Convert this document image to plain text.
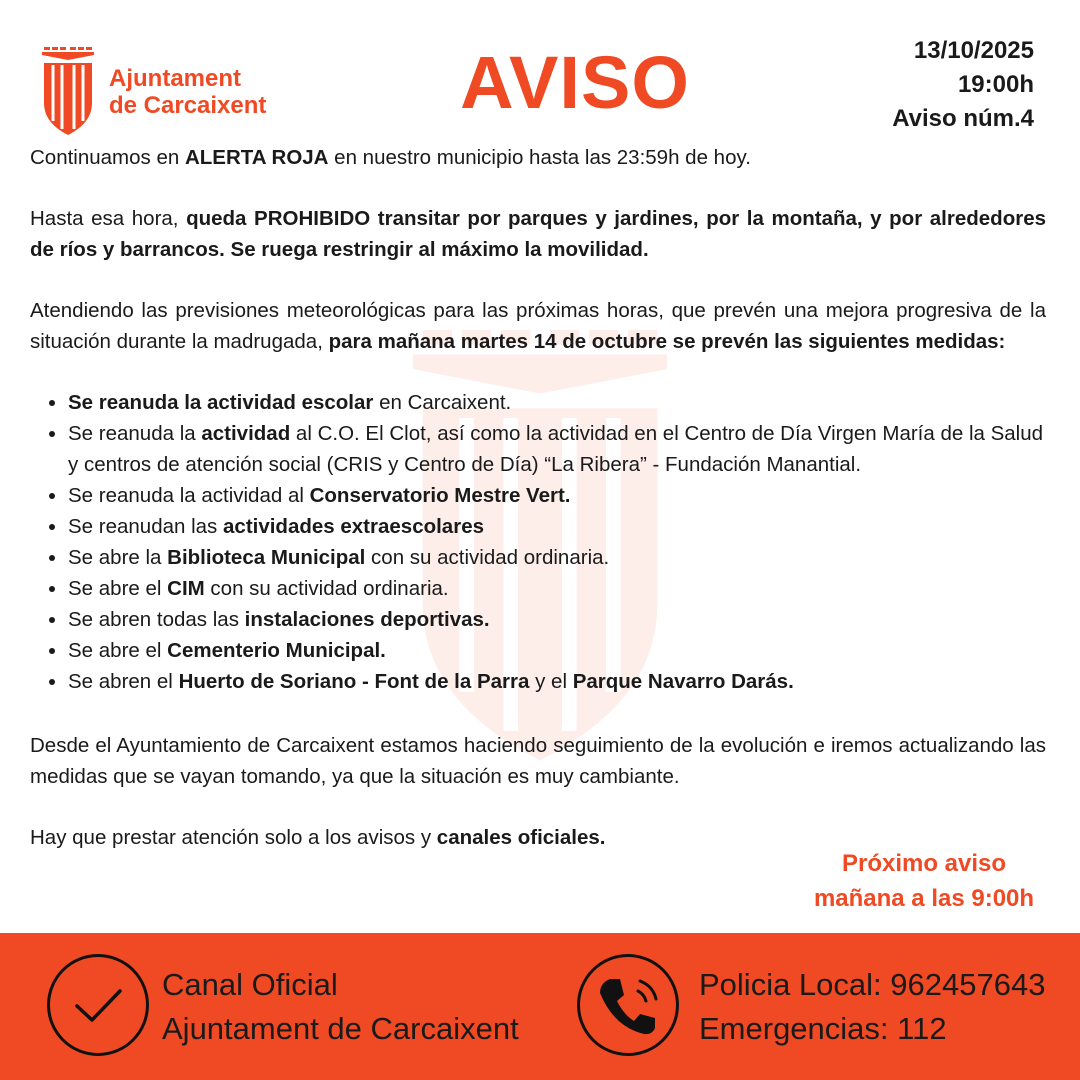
Ajuntament
de Carcaixent	AVISO	13/10/2025
19:00h
Aviso núm.4

Continuamos en ALERTA ROJA en nuestro municipio hasta las 23:59h de hoy.

Hasta esa hora, queda PROHIBIDO transitar por parques y jardines, por la montaña, y por alrededores de ríos y barrancos. Se ruega restringir al máximo la movilidad.

Atendiendo las previsiones meteorológicas para las próximas horas, que prevén una mejora progresiva de la situación durante la madrugada, para mañana martes 14 de octubre se prevén las siguientes medidas:

• Se reanuda la actividad escolar en Carcaixent.
• Se reanuda la actividad al C.O. El Clot, así como la actividad en el Centro de Día Virgen María de la Salud y centros de atención social (CRIS y Centro de Día) “La Ribera” - Fundación Manantial.
• Se reanuda la actividad al Conservatorio Mestre Vert.
• Se reanudan las actividades extraescolares
• Se abre la Biblioteca Municipal con su actividad ordinaria.
• Se abre el CIM con su actividad ordinaria.
• Se abren todas las instalaciones deportivas.
• Se abre el Cementerio Municipal.
• Se abren el Huerto de Soriano - Font de la Parra y el Parque Navarro Darás.

Desde el Ayuntamiento de Carcaixent estamos haciendo seguimiento de la evolución e iremos actualizando las medidas que se vayan tomando, ya que la situación es muy cambiante.

Hay que prestar atención solo a los avisos y canales oficiales.

Próximo aviso
mañana a las 9:00h
Canal Oficial
Ajuntament de Carcaixent
Policia Local: 962457643
Emergencias: 112
